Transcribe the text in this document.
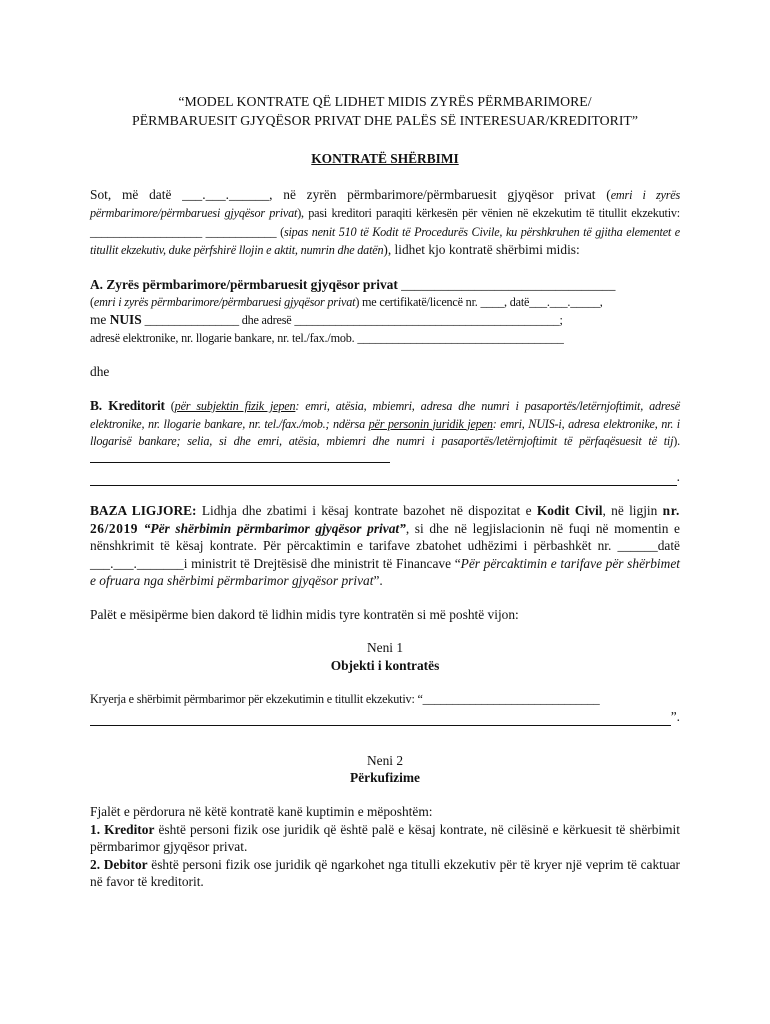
“MODEL KONTRATE QË LIDHET MIDIS ZYRËS PËRMBARIMORE/
PËRMBARUESIT GJYQËSOR PRIVAT DHE PALËS SË INTERESUAR/KREDITORIT”
KONTRATË SHËRBIMI

Sot, më datë ___.___.______, në zyrën përmbarimore/përmbaruesit gjyqësor privat (emri i zyrës përmbarimore/përmbaruesi gjyqësor privat), pasi kreditori paraqiti kërkesën për vënien në ekzekutim të titullit ekzekutiv: ___________________ ____________ (sipas nenit 510 të Kodit të Procedurës Civile, ku përshkruhen të gjitha elementet e titullit ekzekutiv, duke përfshirë llojin e aktit, numrin dhe datën), lidhet kjo kontratë shërbimi midis:

A. Zyrës përmbarimore/përmbaruesit gjyqësor privat ________________________________

(emri i zyrës përmbarimore/përmbaruesi gjyqësor privat) me certifikatë/licencë nr. ____, datë___.___._____,

me NUIS ________________ dhe adresë _____________________________________________;

adresë elektronike, nr. llogarie bankare, nr. tel./fax./mob. ___________________________________

dhe

B. Kreditorit (për subjektin fizik jepen: emri, atësia, mbiemri, adresa dhe numri i pasaportës/letërnjoftimit, adresë elektronike, nr. llogarie bankare, nr. tel./fax./mob.; ndërsa për personin juridik jepen: emri, NUIS-i, adresa elektronike, nr. i llogarisë bankare; selia, si dhe emri, atësia, mbiemri dhe numri i pasaportës/letërnjoftimit të përfaqësuesit të tij).

.

BAZA LIGJORE: Lidhja dhe zbatimi i kësaj kontrate bazohet në dispozitat e Kodit Civil, në ligjin nr. 26/2019 “Për shërbimin përmbarimor gjyqësor privat”, si dhe në legjislacionin në fuqi në momentin e nënshkrimit të kësaj kontrate. Për përcaktimin e tarifave zbatohet udhëzimi i përbashkët nr. ______datë ___.___._______i ministrit të Drejtësisë dhe ministrit të Financave “Për përcaktimin e tarifave për shërbimet e ofruara nga shërbimi përmbarimor gjyqësor privat”.

Palët e mësipërme bien dakord të lidhin midis tyre kontratën si më poshtë vijon:

Neni 1

Objekti i kontratës

Kryerja e shërbimit përmbarimor për ekzekutimin e titullit ekzekutiv: “______________________________

”.

Neni 2

Përkufizime

Fjalët e përdorura në këtë kontratë kanë kuptimin e mëposhtëm:

1. Kreditor është personi fizik ose juridik që është palë e kësaj kontrate, në cilësinë e kërkuesit të shërbimit përmbarimor gjyqësor privat.

2. Debitor është personi fizik ose juridik që ngarkohet nga titulli ekzekutiv për të kryer një veprim të caktuar në favor të kreditorit.
